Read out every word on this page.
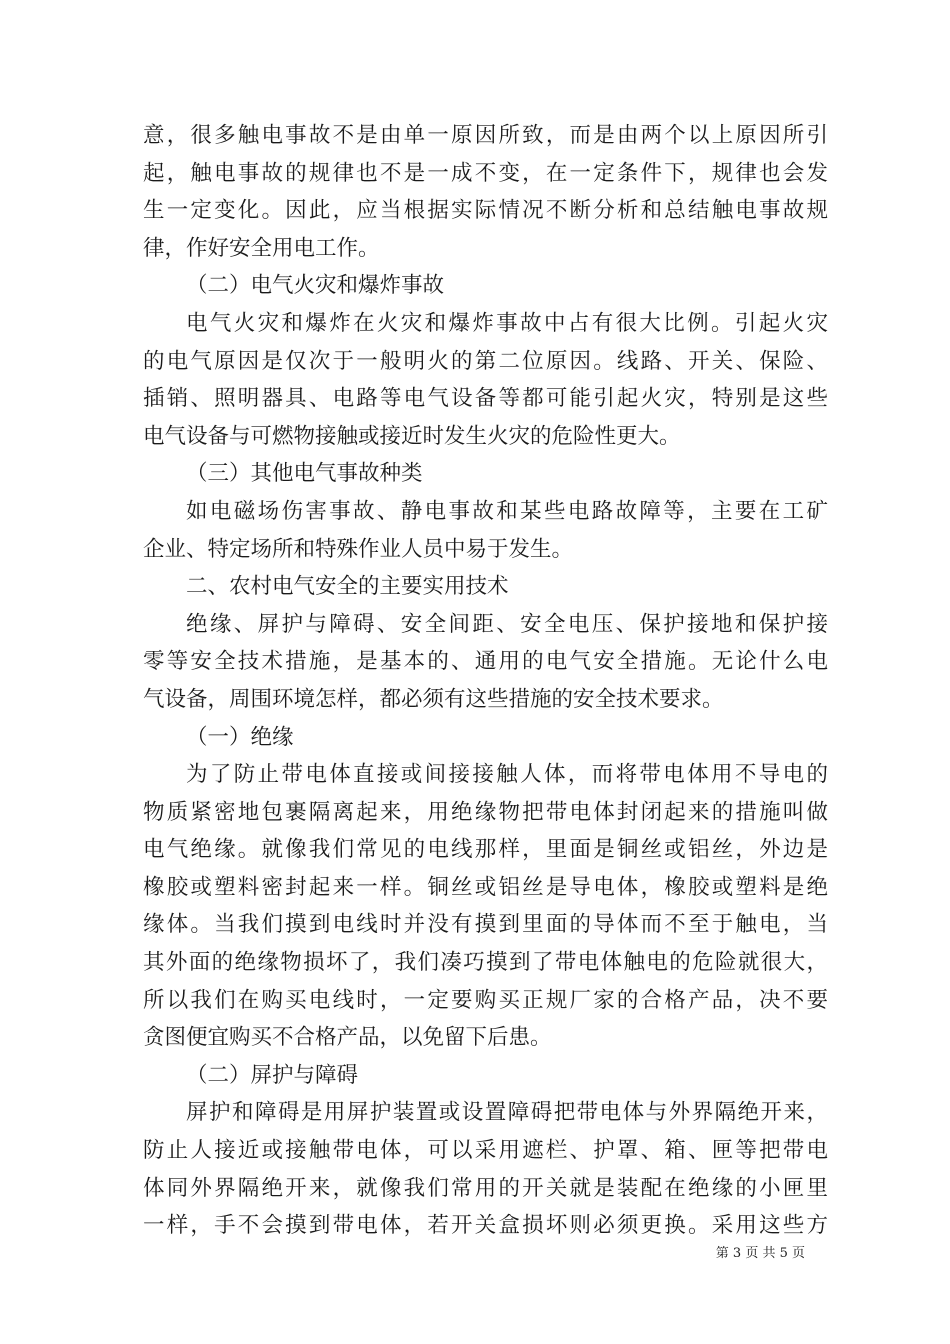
意，很多触电事故不是由单一原因所致，而是由两个以上原因所引
起，触电事故的规律也不是一成不变，在一定条件下，规律也会发
生一定变化。因此，应当根据实际情况不断分析和总结触电事故规
律，作好安全用电工作。
（二）电气火灾和爆炸事故
电气火灾和爆炸在火灾和爆炸事故中占有很大比例。引起火灾
的电气原因是仅次于一般明火的第二位原因。线路、开关、保险、
插销、照明器具、电路等电气设备等都可能引起火灾，特别是这些
电气设备与可燃物接触或接近时发生火灾的危险性更大。
（三）其他电气事故种类
如电磁场伤害事故、静电事故和某些电路故障等，主要在工矿
企业、特定场所和特殊作业人员中易于发生。
二、农村电气安全的主要实用技术
绝缘、屏护与障碍、安全间距、安全电压、保护接地和保护接
零等安全技术措施，是基本的、通用的电气安全措施。无论什么电
气设备，周围环境怎样，都必须有这些措施的安全技术要求。
（一）绝缘
为了防止带电体直接或间接接触人体，而将带电体用不导电的
物质紧密地包裹隔离起来，用绝缘物把带电体封闭起来的措施叫做
电气绝缘。就像我们常见的电线那样，里面是铜丝或铝丝，外边是
橡胶或塑料密封起来一样。铜丝或铝丝是导电体，橡胶或塑料是绝
缘体。当我们摸到电线时并没有摸到里面的导体而不至于触电，当
其外面的绝缘物损坏了，我们凑巧摸到了带电体触电的危险就很大，
所以我们在购买电线时，一定要购买正规厂家的合格产品，决不要
贪图便宜购买不合格产品，以免留下后患。
（二）屏护与障碍
屏护和障碍是用屏护装置或设置障碍把带电体与外界隔绝开来，
防止人接近或接触带电体，可以采用遮栏、护罩、箱、匣等把带电
体同外界隔绝开来，就像我们常用的开关就是装配在绝缘的小匣里
一样，手不会摸到带电体，若开关盒损坏则必须更换。采用这些方
第 3 页 共 5 页
